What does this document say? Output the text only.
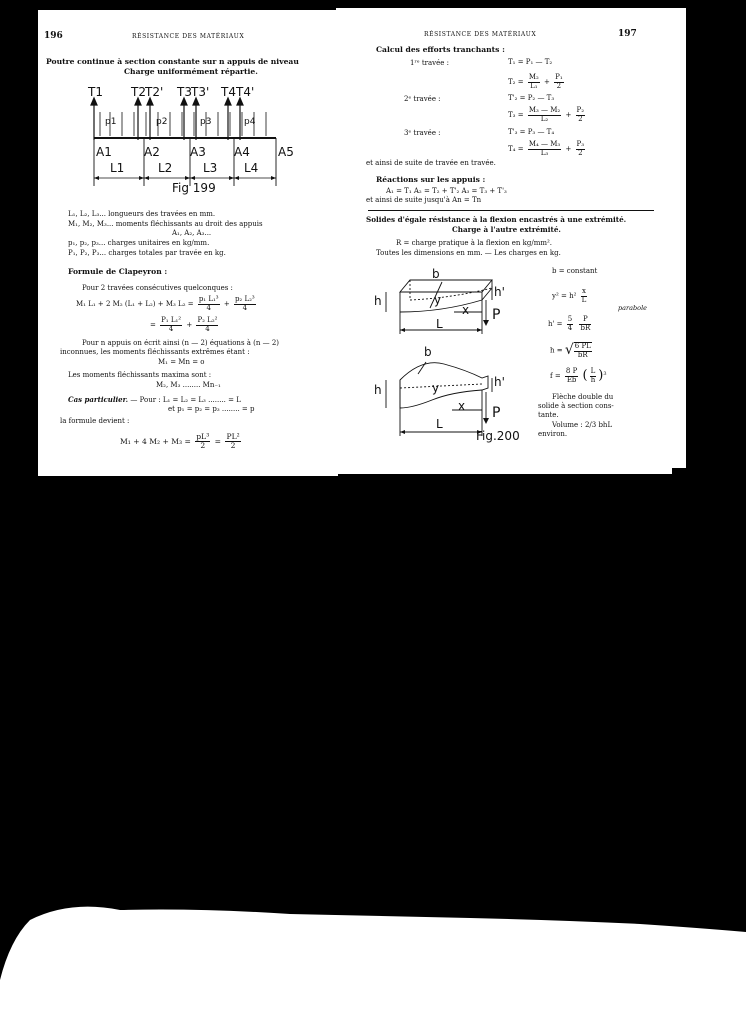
196	RÉSISTANCE DES MATÉRIAUX
Poutre continue à section constante sur n appuis de niveau
Charge uniformément répartie.
T1 T2 T2' T3 T3' T4 T4'
p1	p2	p3	p4
A1	A2	A3 A4 A5
L1	L2	L3 L4
Fig 199
L₁, L₂, L₃... longueurs des travées en mm.
M₁, M₂, M₃... moments fléchissants au droit des appuis
A₁, A₂, A₃...
p₁, p₂, p₃... charges unitaires en kg/mm.
P₁, P₂, P₃... charges totales par travée en kg.
Formule de Clapeyron :
Pour 2 travées consécutives quelconques :
M₁ L₁ + 2 M₂ (L₁ + L₂) + M₃ $L_2 = \frac{\text{p₁ L₁³}}{4} + \frac{\text{p₂ L₂³}}{4}$
= $\frac{\text{P₁ L₁²}}{4} + \frac{\text{P₂ L₂²}}{4}$
Pour n appuis on écrit ainsi (n — 2) équations à (n — 2)
inconnues, les moments fléchissants extrêmes étant :
M₁ = Mn = o
Les moments fléchissants maxima sont :
M₂, M₃ ........ Mn₋₁
Cas particulier. — Pour : L₁ = L₂ = L₃ ........ = L
et p₁ = p₂ = p₃ ........ = p
la formule devient :
M₁ + 4 $M_2 + M_3 = \frac{\text{pL³}}{2} = \frac{\text{PL²}}{2}$
RÉSISTANCE DES MATÉRIAUX	197
Calcul des efforts tranchants :
1ʳᵉ travée :	T₁ = P₁ — T₂
$T_2 = \frac{\text{M₂}}{\text{L₁}} + \frac{\text{P₁}}{2}$
2ᵉ travée :	T'₂ = P₂ — T₃
$T_3 = \frac{\text{M₃ — M₂}}{\text{L₂}} + \frac{\text{P₂}}{2}$
3ᵉ travée :	T'₃ = P₃ — T₄
$T_4 = \frac{\text{M₄ — M₃}}{\text{L₃}} + \frac{\text{P₃}}{2}$
et ainsi de suite de travée en travée.
Réactions sur les appuis :
A₁ = T₁ A₂ = T₂ + T'₂ A₃ = T₃ + T'₃
et ainsi de suite jusqu'à An = Tn
Solides d'égale résistance à la flexion encastrés à une extrémité.
Charge à l'autre extrémité.
R = charge pratique à la flexion en kg/mm².
Toutes les dimensions en mm. — Les charges en kg.
b
h
h'
y
x
L
P
b
h
h'
y
x
L
P
Fig.200
b = constant
$y^2 = h^2 \frac{x}{L}$
parabole
$h' = \frac{5}{4}$
$\frac{P}{bR}$
h = √ $\frac{6 PL}{bR}$
$f = \frac{8 P}{Eb}$ ( $\frac{L}{h} )^3$
Flèche double du
solide à section cons-
tante.
Volume : 2/3 bhL
environ.
